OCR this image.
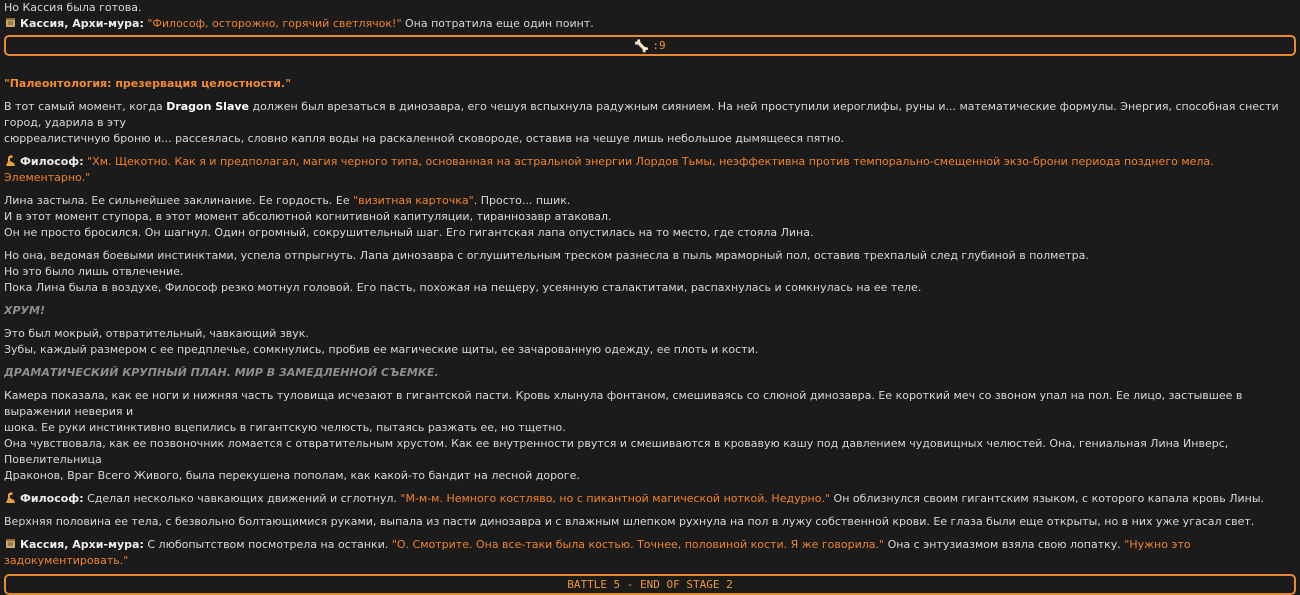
Но Кассия была готова.
Кассия, Архи-мура: "Философ, осторожно, горячий светлячок!" Она потратила еще один поинт.
🦴 : 9
"Палеонтология: презервация целостности."
В тот самый момент, когда Dragon Slave должен был врезаться в динозавра, его чешуя вспыхнула радужным сиянием. На ней проступили иероглифы, руны и... математические формулы. Энергия, способная снести город, ударила в эту
сюрреалистичную броню и... рассеялась, словно капля воды на раскаленной сковороде, оставив на чешуе лишь небольшое дымящееся пятно.
Философ: "Хм. Щекотно. Как я и предполагал, магия черного типа, основанная на астральной энергии Лордов Тьмы, неэффективна против темпорально-смещенной экзо-брони периода позднего мела. Элементарно."
Лина застыла. Ее сильнейшее заклинание. Ее гордость. Ее "визитная карточка". Просто... пшик.
И в этот момент ступора, в этот момент абсолютной когнитивной капитуляции, тираннозавр атаковал.
Он не просто бросился. Он шагнул. Один огромный, сокрушительный шаг. Его гигантская лапа опустилась на то место, где стояла Лина.
Но она, ведомая боевыми инстинктами, успела отпрыгнуть. Лапа динозавра с оглушительным треском разнесла в пыль мраморный пол, оставив трехпалый след глубиной в полметра.
Но это было лишь отвлечение.
Пока Лина была в воздухе, Философ резко мотнул головой. Его пасть, похожая на пещеру, усеянную сталактитами, распахнулась и сомкнулась на ее теле.
ХРУМ!
Это был мокрый, отвратительный, чавкающий звук.
Зубы, каждый размером с ее предплечье, сомкнулись, пробив ее магические щиты, ее зачарованную одежду, ее плоть и кости.
ДРАМАТИЧЕСКИЙ КРУПНЫЙ ПЛАН. МИР В ЗАМЕДЛЕННОЙ СЪЕМКЕ.
Камера показала, как ее ноги и нижняя часть туловища исчезают в гигантской пасти. Кровь хлынула фонтаном, смешиваясь со слюной динозавра. Ее короткий меч со звоном упал на пол. Ее лицо, застывшее в выражении неверия и
шока. Ее руки инстинктивно вцепились в гигантскую челюсть, пытаясь разжать ее, но тщетно.
Она чувствовала, как ее позвоночник ломается с отвратительным хрустом. Как ее внутренности рвутся и смешиваются в кровавую кашу под давлением чудовищных челюстей. Она, гениальная Лина Инверс, Повелительница
Драконов, Враг Всего Живого, была перекушена пополам, как какой-то бандит на лесной дороге.
Философ: Сделал несколько чавкающих движений и сглотнул. "М-м-м. Немного костляво, но с пикантной магической ноткой. Недурно." Он облизнулся своим гигантским языком, с которого капала кровь Лины.
Верхняя половина ее тела, с безвольно болтающимися руками, выпала из пасти динозавра и с влажным шлепком рухнула на пол в лужу собственной крови. Ее глаза были еще открыты, но в них уже угасал свет.
Кассия, Архи-мура: С любопытством посмотрела на останки. "О. Смотрите. Она все-таки была костью. Точнее, половиной кости. Я же говорила." Она с энтузиазмом взяла свою лопатку. "Нужно это задокументировать."
BATTLE 5 - END OF STAGE 2
